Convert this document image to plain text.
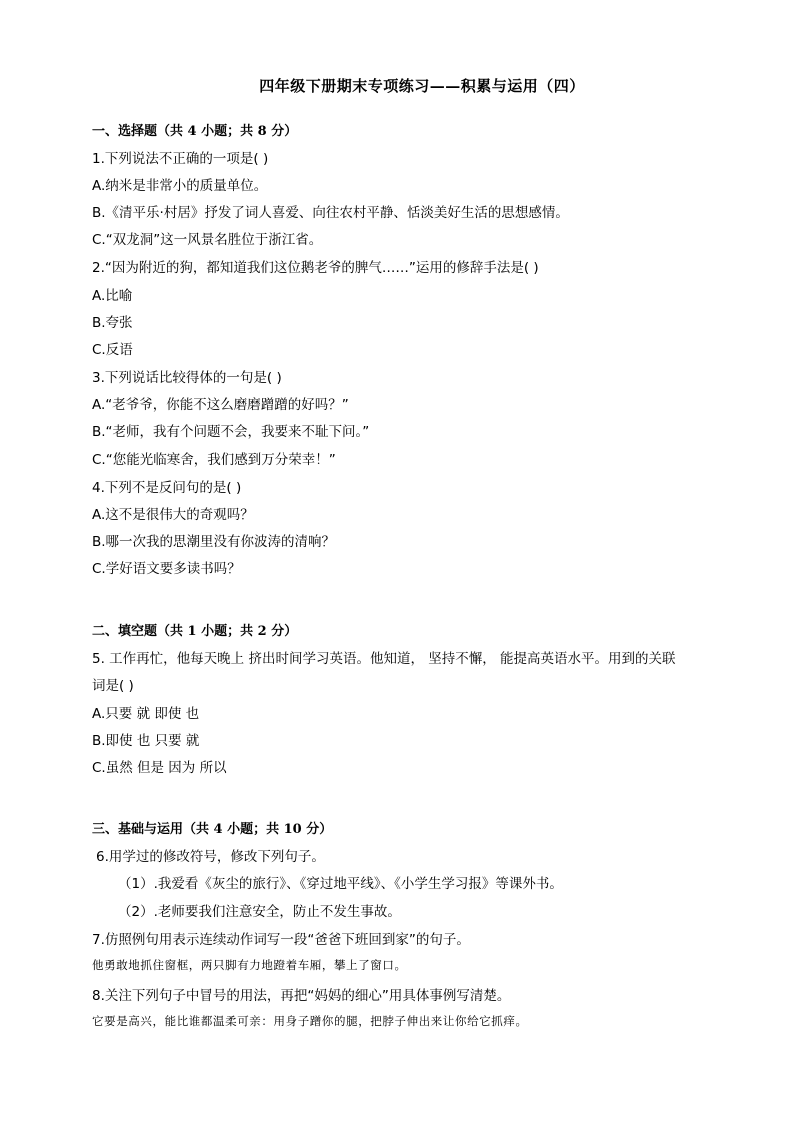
四年级下册期末专项练习——积累与运用（四）
一、选择题（共 4 小题；共 8 分）
1.下列说法不正确的一项是( )
A.纳米是非常小的质量单位。
B.《清平乐·村居》抒发了词人喜爱、向往农村平静、恬淡美好生活的思想感情。
C.“双龙洞”这一风景名胜位于浙江省。
2.“因为附近的狗，都知道我们这位鹅老爷的脾气……”运用的修辞手法是( )
A.比喻
B.夸张
C.反语
3.下列说话比较得体的一句是( )
A.“老爷爷，你能不这么磨磨蹭蹭的好吗？”
B.“老师，我有个问题不会，我要来不耻下问。”
C.“您能光临寒舍，我们感到万分荣幸！”
4.下列不是反问句的是( )
A.这不是很伟大的奇观吗？
B.哪一次我的思潮里没有你波涛的清响？
C.学好语文要多读书吗？
二、填空题（共 1 小题；共 2 分）
5. 工作再忙，他每天晚上 挤出时间学习英语。他知道， 坚持不懈， 能提高英语水平。用到的关联
词是( )
A.只要 就 即使 也
B.即使 也 只要 就
C.虽然 但是 因为 所以
三、基础与运用（共 4 小题；共 10 分）
6.用学过的修改符号，修改下列句子。
（1）.我爱看《灰尘的旅行》、《穿过地平线》、《小学生学习报》等课外书。
（2）.老师要我们注意安全，防止不发生事故。
7.仿照例句用表示连续动作词写一段“爸爸下班回到家”的句子。
他勇敢地抓住窗框，两只脚有力地蹬着车厢，攀上了窗口。
8.关注下列句子中冒号的用法，再把“妈妈的细心”用具体事例写清楚。
它要是高兴，能比谁都温柔可亲：用身子蹭你的腿，把脖子伸出来让你给它抓痒。
